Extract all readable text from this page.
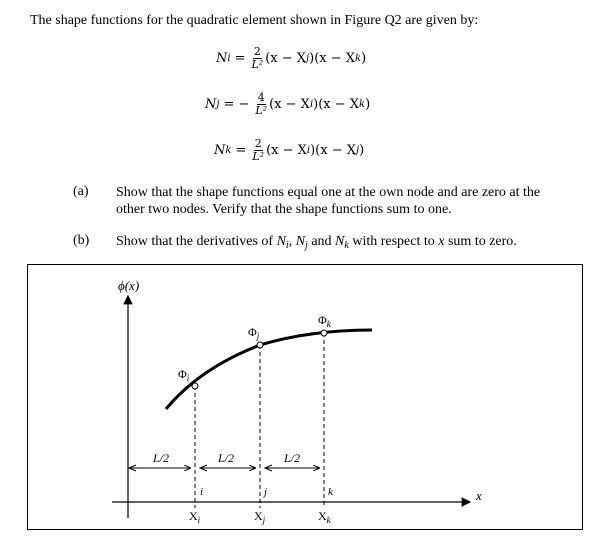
The shape functions for the quadratic element shown in Figure Q2 are given by:
N $i = \frac{2}{\text{L²}} (x - X$ j )(x − X k )
N j = − $\frac{4}{\text{L²}} (x - X$ i )(x − X k )
N $k = \frac{2}{\text{L²}} (x - X$ i )(x − X j )
(a) Show that the shape functions equal one at the own node and are zero at the other two nodes. Verify that the shape functions sum to one.
(b) Show that the derivatives of $N_i$, $N_j$ and $N_k$ with respect to x sum to zero.
ϕ(x)
x
$\Phi_i$
$\Phi_j$
$\Phi_k$
L/2	L/2	L/2
i	j	k
$X_i$	$X_j$	$X_k$
